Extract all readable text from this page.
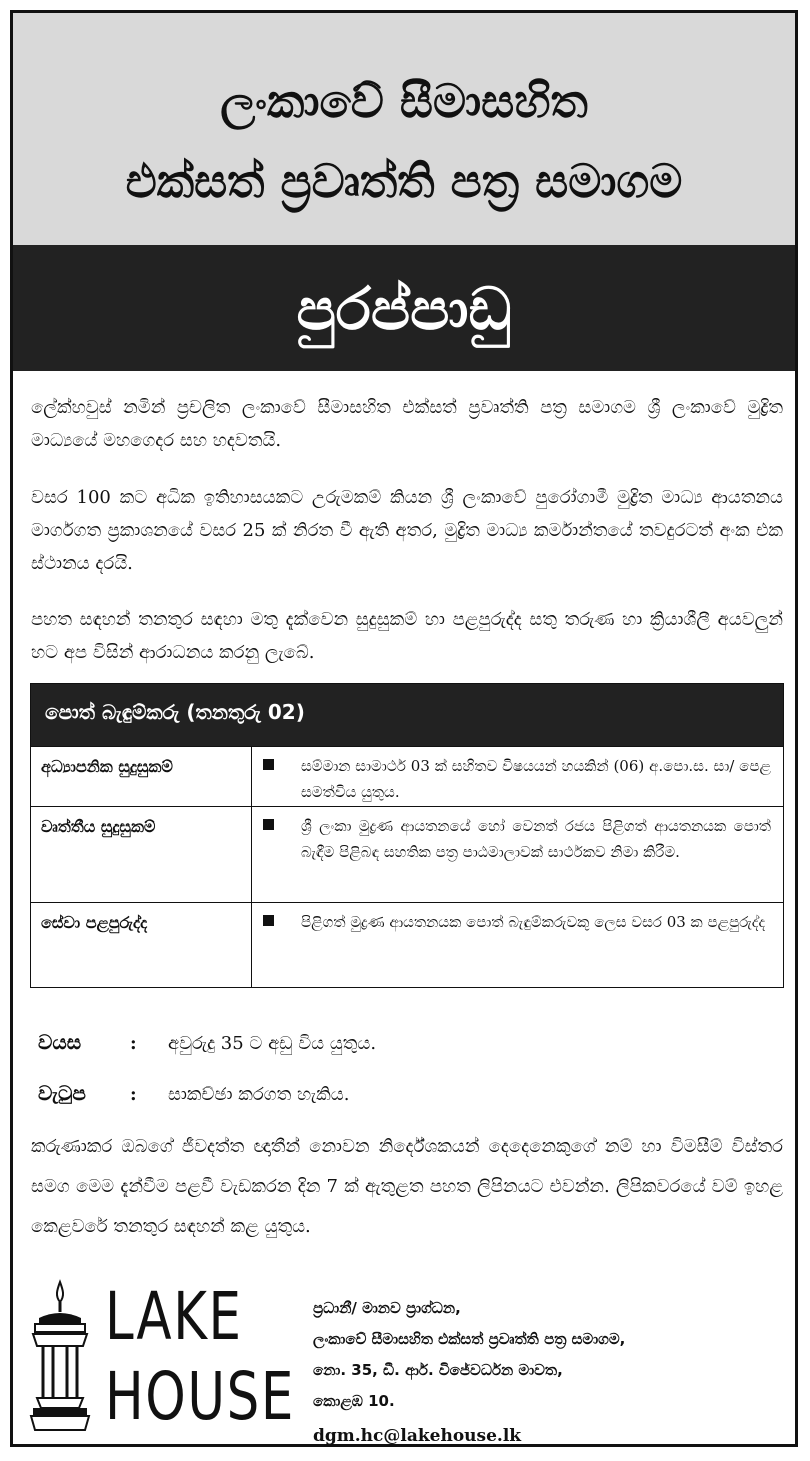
ලංකාවේ සීමාසහිත
එක්සත් ප්‍රවෘත්ති පත්‍ර සමාගම
පුරප්පාඩු
ලේක්හවුස් නමින් ප්‍රචලිත ලංකාවේ සීමාසහිත එක්සත් ප්‍රවෘත්ති පත්‍ර සමාගම ශ්‍රී ලංකාවේ මුද්‍රිත මාධ්‍යයේ මහගෙදර සහ හදවතයි.
වසර 100 කට අධික ඉතිහාසයකට උරුමකම් කියන ශ්‍රී ලංකාවේ පුරෝගාමී මුද්‍රිත මාධ්‍ය ආයතනය මාර්ගගත ප්‍රකාශනයේ වසර 25 ක් නිරත වී ඇති අතර, මුද්‍රිත මාධ්‍ය කර්මාන්තයේ තවදුරටත් අංක එක ස්ථානය දරයි.
පහත සඳහන් තනතුර සඳහා මතු දැක්වෙන සුදුසුකම් හා පළපුරුද්ද සතු තරුණ හා ක්‍රියාශීලී අයවලුන් හට අප විසින් ආරාධනය කරනු ලැබේ.
පොත් බැඳුම්කරු (තනතුරු 02)
අධ්‍යාපනික සුදුසුකම්	සම්මාන සාමාර්ථ 03 ක් සහිතව විෂයයන් හයකින් (06) අ.පො.ස. සා/ පෙළ සමත්විය යුතුය.
වෘත්තීය සුදුසුකම්	ශ්‍රී ලංකා මුද්‍රණ ආයතනයේ හෝ වෙනත් රජය පිළිගත් ආයතනයක පොත් බැඳීම පිළිබඳ සහතික පත්‍ර පාඨමාලාවක් සාර්ථකව නිමා කිරීම.
සේවා පළපුරුද්ද	පිළිගත් මුද්‍රණ ආයතනයක පොත් බැඳුම්කරුවකු ලෙස වසර 03 ක පළපුරුද්ද
වයස	: අවුරුදු 35 ට අඩු විය යුතුය.
වැටුප : සාකච්ඡා කරගත හැකිය.
කරුණාකර ඔබගේ ජීවදත්ත ඥාතීන් නොවන නිර්දේශකයන් දෙදෙනෙකුගේ නම් හා විමසීම් විස්තර සමග මෙම දැන්වීම පළවී වැඩකරන දින 7 ක් ඇතුළත පහත ලිපිනයට එවන්න. ලිපිකවරයේ වම් ඉහළ කෙළවරේ තනතුර සඳහන් කළ යුතුය.
LAKE
HOUSE
ප්‍රධානී/ මානව ප්‍රාග්ධන,
ලංකාවේ සීමාසහිත එක්සත් ප්‍රවෘත්ති පත්‍ර සමාගම,
නො. 35, ඩී. ආර්. විජේවර්ධන මාවත,
කොළඹ 10.
dgm.hc@lakehouse.lk
